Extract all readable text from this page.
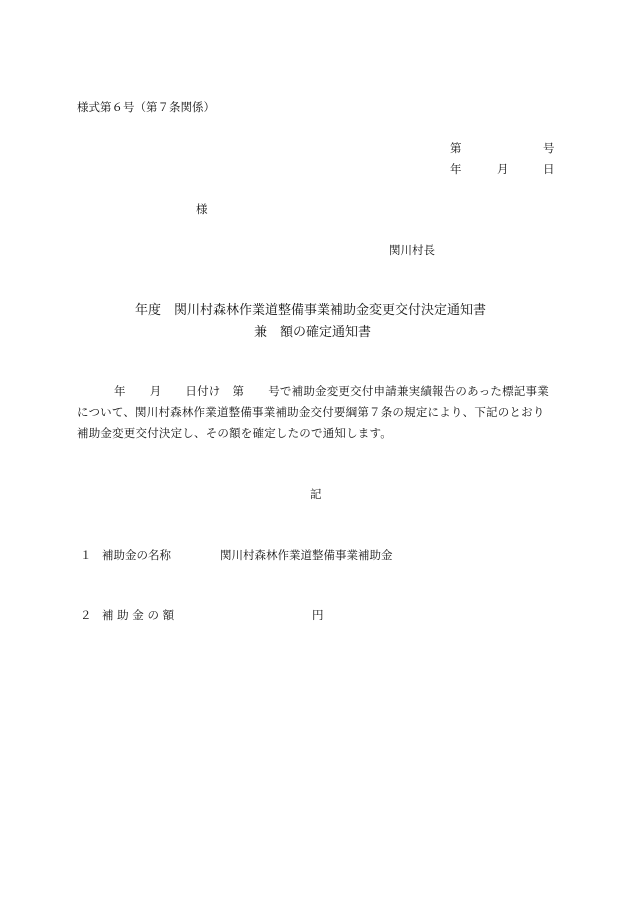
様式第６号（第７条関係）
第	号
年	月	日
様
関川村長
年度 関川村森林作業道整備事業補助金変更交付決定通知書
兼 額の確定通知書
年 月 日付け 第 号で補助金変更交付申請兼実績報告のあった標記事業
について、関川村森林作業道整備事業補助金交付要綱第７条の規定により、下記のとおり
補助金変更交付決定し、その額を確定したので通知します。
記
１ 補助金の名称	関川村森林作業道整備事業補助金
２ 補 助 金 の 額	円
